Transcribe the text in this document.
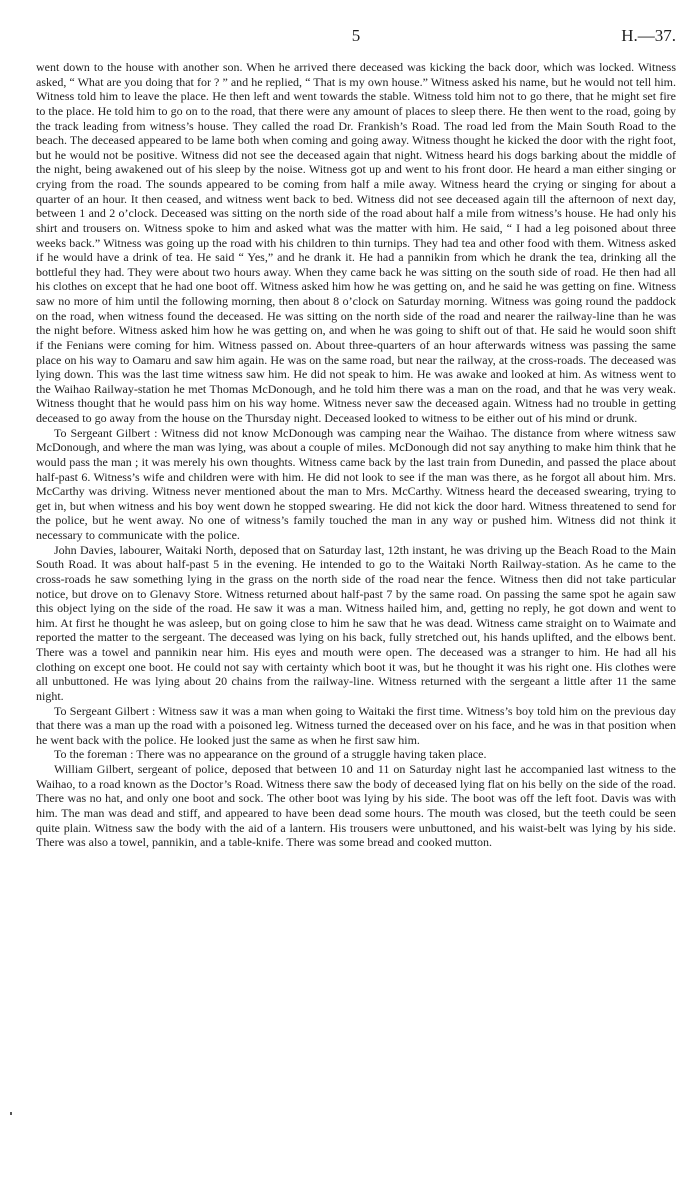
5	H.—37.

went down to the house with another son. When he arrived there deceased was kicking the back door, which was locked. Witness asked, “ What are you doing that for ? ” and he replied, “ That is my own house.” Witness asked his name, but he would not tell him. Witness told him to leave the place. He then left and went towards the stable. Witness told him not to go there, that he might set fire to the place. He told him to go on to the road, that there were any amount of places to sleep there. He then went to the road, going by the track leading from witness’s house. They called the road Dr. Frankish’s Road. The road led from the Main South Road to the beach. The deceased appeared to be lame both when coming and going away. Witness thought he kicked the door with the right foot, but he would not be positive. Witness did not see the deceased again that night. Witness heard his dogs barking about the middle of the night, being awakened out of his sleep by the noise. Witness got up and went to his front door. He heard a man either singing or crying from the road. The sounds appeared to be coming from half a mile away. Witness heard the crying or singing for about a quarter of an hour. It then ceased, and witness went back to bed. Witness did not see deceased again till the afternoon of next day, between 1 and 2 o’clock. Deceased was sitting on the north side of the road about half a mile from witness’s house. He had only his shirt and trousers on. Witness spoke to him and asked what was the matter with him. He said, “ I had a leg poisoned about three weeks back.” Witness was going up the road with his children to thin turnips. They had tea and other food with them. Witness asked if he would have a drink of tea. He said “ Yes,” and he drank it. He had a pannikin from which he drank the tea, drinking all the bottleful they had. They were about two hours away. When they came back he was sitting on the south side of road. He then had all his clothes on except that he had one boot off. Witness asked him how he was getting on, and he said he was getting on fine. Witness saw no more of him until the following morning, then about 8 o’clock on Saturday morning. Witness was going round the paddock on the road, when witness found the deceased. He was sitting on the north side of the road and nearer the railway-line than he was the night before. Witness asked him how he was getting on, and when he was going to shift out of that. He said he would soon shift if the Fenians were coming for him. Witness passed on. About three-quarters of an hour afterwards witness was passing the same place on his way to Oamaru and saw him again. He was on the same road, but near the railway, at the cross-roads. The deceased was lying down. This was the last time witness saw him. He did not speak to him. He was awake and looked at him. As witness went to the Waihao Railway-station he met Thomas McDonough, and he told him there was a man on the road, and that he was very weak. Witness thought that he would pass him on his way home. Witness never saw the deceased again. Witness had no trouble in getting deceased to go away from the house on the Thursday night. Deceased looked to witness to be either out of his mind or drunk.

To Sergeant Gilbert : Witness did not know McDonough was camping near the Waihao. The distance from where witness saw McDonough, and where the man was lying, was about a couple of miles. McDonough did not say anything to make him think that he would pass the man ; it was merely his own thoughts. Witness came back by the last train from Dunedin, and passed the place about half-past 6. Witness’s wife and children were with him. He did not look to see if the man was there, as he forgot all about him. Mrs. McCarthy was driving. Witness never mentioned about the man to Mrs. McCarthy. Witness heard the deceased swearing, trying to get in, but when witness and his boy went down he stopped swearing. He did not kick the door hard. Witness threatened to send for the police, but he went away. No one of witness’s family touched the man in any way or pushed him. Witness did not think it necessary to communicate with the police.

John Davies, labourer, Waitaki North, deposed that on Saturday last, 12th instant, he was driving up the Beach Road to the Main South Road. It was about half-past 5 in the evening. He intended to go to the Waitaki North Railway-station. As he came to the cross-roads he saw something lying in the grass on the north side of the road near the fence. Witness then did not take particular notice, but drove on to Glenavy Store. Witness returned about half-past 7 by the same road. On passing the same spot he again saw this object lying on the side of the road. He saw it was a man. Witness hailed him, and, getting no reply, he got down and went to him. At first he thought he was asleep, but on going close to him he saw that he was dead. Witness came straight on to Waimate and reported the matter to the sergeant. The deceased was lying on his back, fully stretched out, his hands uplifted, and the elbows bent. There was a towel and pannikin near him. His eyes and mouth were open. The deceased was a stranger to him. He had all his clothing on except one boot. He could not say with certainty which boot it was, but he thought it was his right one. His clothes were all unbuttoned. He was lying about 20 chains from the railway-line. Witness returned with the sergeant a little after 11 the same night.

To Sergeant Gilbert : Witness saw it was a man when going to Waitaki the first time. Witness’s boy told him on the previous day that there was a man up the road with a poisoned leg. Witness turned the deceased over on his face, and he was in that position when he went back with the police. He looked just the same as when he first saw him.

To the foreman : There was no appearance on the ground of a struggle having taken place.

William Gilbert, sergeant of police, deposed that between 10 and 11 on Saturday night last he accompanied last witness to the Waihao, to a road known as the Doctor’s Road. Witness there saw the body of deceased lying flat on his belly on the side of the road. There was no hat, and only one boot and sock. The other boot was lying by his side. The boot was off the left foot. Davis was with him. The man was dead and stiff, and appeared to have been dead some hours. The mouth was closed, but the teeth could be seen quite plain. Witness saw the body with the aid of a lantern. His trousers were unbuttoned, and his waist-belt was lying by his side. There was also a towel, pannikin, and a table-knife. There was some bread and cooked mutton.
